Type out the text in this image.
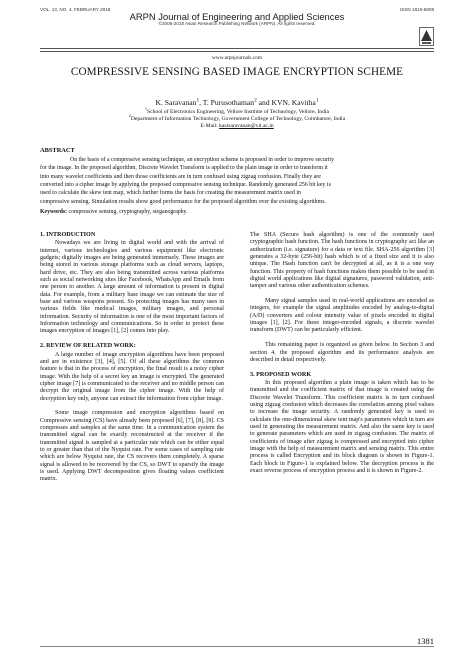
VOL. 13, NO. 4, FEBRUARY 2018	ISSN 1819-6608
ARPN Journal of Engineering and Applied Sciences
©2006-2018 Asian Research Publishing Network (ARPN). All rights reserved.
www.arpnjournals.com
COMPRESSIVE SENSING BASED IMAGE ENCRYPTION SCHEME
K. Saravanan$^1$, T. Purusothaman$^2$ and KVN. Kavitha$^1$
$^1$School of Electronics Engineering, Vellore Institute of Technology, Vellore, India
$^2$Department of Information Technology, Government College of Technology, Coimbatore, India
E-Mail: kasisaravanan@vit.ac.in
ABSTRACT
On the basis of a compressive sensing technique, an encryption scheme is proposed in order to improve security
for the image. In the proposed algorithm, Discrete Wavelet Transform is applied to the plain image in order to transform it
into many wavelet coefficients and then those coefficients are in turn confused using zigzag confusion. Finally they are
converted into a cipher image by applying the proposed compressive sensing technique. Randomly generated 256 bit key is
used to calculate the skew tent map, which further forms the basis for creating the measurement matrix used in
compressive sensing. Simulation results show good performance for the proposed algorithm over the existing algorithms.
Keywords: compressive sensing, cryptography, steganography.
1. INTRODUCTION

Nowadays we are living in digital world and with the arrival of internet, various technologies and various equipment like electronic gadgets; digitally images are being generated immensely. These images are being stored in various storage platforms such as cloud servers, laptops, hard drive, etc. They are also being transmitted across various platforms such as social networking sites like Facebook, WhatsApp and Emails from one person to another. A large amount of information is present in digital data. For example, from a military base image we can estimate the size of base and various weapons present. So protecting images has many uses in various fields like medical images, military images, and personal information. Security of information is one of the most important factors of Information technology and communications. So in order to protect these images encryption of images [1], [2] comes into play.

2. REVIEW OF RELATED WORK:

A large number of image encryption algorithms have been proposed and are in existence [3], [4], [5]. Of all these algorithms the common feature is that in the process of encryption, the final result is a noisy cipher image. With the help of a secret key an image is encrypted. The generated cipher image [7] is communicated to the receiver and no middle person can decrypt the original image from the cipher image. With the help of decryption key only, anyone can extract the information from cipher image.

Some image compression and encryption algorithms based on Compressive sensing (CS) have already been proposed [6], [7], [8], [9]. CS compresses and samples at the same time. In a communication system the transmitted signal can be exactly reconstructed at the receiver if the transmitted signal is sampled at a particular rate which can be either equal to or greater than that of the Nyquist rate. For some cases of sampling rate which are below Nyquist rate, the CS recovers them completely. A sparse signal is allowed to be recovered by the CS, so DWT to sparsify the image is used. Applying DWT decomposition gives floating values coefficient matrix.

The SHA (Secure hash algorithm) is one of the commonly used cryptographic hash function. The hash functions in cryptography act like an authorization (i.e. signature) for a data or text file. SHA-256 algorithm [3] generates a 32-byte (256-bit) hash which is of a fixed size and it is also unique. The Hash function can't be decrypted at all, as it is a one way function. This property of hash functions makes them possible to be used in digital world applications like digital signatures, password validation, anti-tamper and various other authentication schemes.

Many signal samples used in real-world applications are encoded as integers, for example the signal amplitudes encoded by analog-to-digital (A/D) converters and colour intensity value of pixels encoded in digital images [1], [2]. For these integer-encoded signals, a discrete wavelet transform (DWT) can be particularly efficient.

This remaining paper is organized as given below. In Section 3 and section 4, the proposed algorithm and its performance analysis are described in detail respectively.

3. PROPOSED WORK

In this proposed algorithm a plain image is taken which has to be transmitted and the coefficient matrix of that image is created using the Discrete Wavelet Transform. This coefficient matrix is in turn confused using zigzag confusion which decreases the correlation among pixel values to increase the image security. A randomly generated key is used to calculate the one-dimensional skew tent map's parameters which in turn are used in generating the measurement matrix. And also the same key is used to generate parameters which are used in zigzag confusion. The matrix of coefficients of image after zigzag is compressed and encrypted into cipher image with the help of measurement matrix and sensing matrix. This entire process is called Encryption and its block diagram is shown in Figure-1. Each block in Figure-1 is explained below. The decryption process is the exact reverse process of encryption process and it is shown in Figure-2.

1381
